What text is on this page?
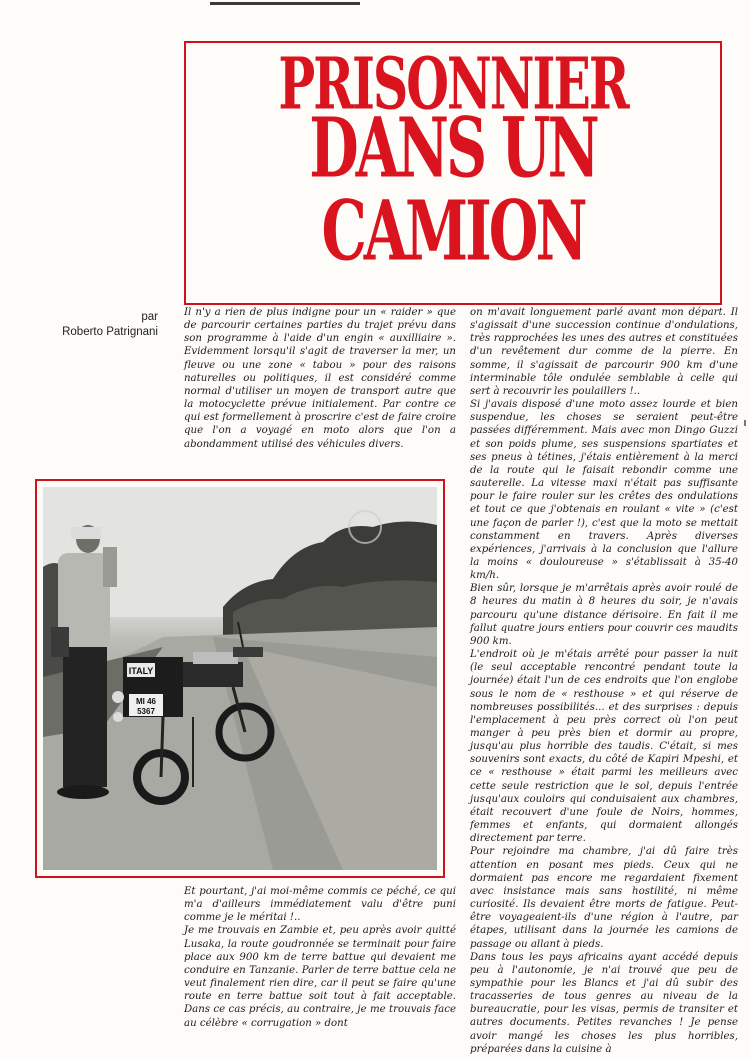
PRISONNIER
DANS UN CAMION
par
Roberto Patrignani

Il n'y a rien de plus indigne pour un « raider » que de parcourir certaines parties du trajet prévu dans son programme à l'aide d'un engin « auxilliaire ». Evidemment lorsqu'il s'agit de traverser la mer, un fleuve ou une zone « tabou » pour des raisons naturelles ou politiques, il est considéré comme normal d'utiliser un moyen de transport autre que la motocyclette prévue initialement. Par contre ce qui est formellement à proscrire c'est de faire croire que l'on a voyagé en moto alors que l'on a abondamment utilisé des véhicules divers.

ITALY
MI 46
5367

Et pourtant, j'ai moi-même commis ce péché, ce qui m'a d'ailleurs immédiatement valu d'être puni comme je le méritai !..

Je me trouvais en Zambie et, peu après avoir quitté Lusaka, la route goudronnée se terminait pour faire place aux 900 km de terre battue qui devaient me conduire en Tanzanie. Parler de terre battue cela ne veut finalement rien dire, car il peut se faire qu'une route en terre battue soit tout à fait acceptable. Dans ce cas précis, au contraire, je me trouvais face au célèbre « corrugation » dont

on m'avait longuement parlé avant mon départ. Il s'agissait d'une succession continue d'ondulations, très rapprochées les unes des autres et constituées d'un revêtement dur comme de la pierre. En somme, il s'agissait de parcourir 900 km d'une interminable tôle ondulée semblable à celle qui sert à recouvrir les poulaillers !..

Si j'avais disposé d'une moto assez lourde et bien suspendue, les choses se seraient peut-être passées différemment. Mais avec mon Dingo Guzzi et son poids plume, ses suspensions spartiates et ses pneus à tétines, j'étais entièrement à la merci de la route qui le faisait rebondir comme une sauterelle. La vitesse maxi n'était pas suffisante pour le faire rouler sur les crêtes des ondulations et tout ce que j'obtenais en roulant « vite » (c'est une façon de parler !), c'est que la moto se mettait constamment en travers. Après diverses expériences, j'arrivais à la conclusion que l'allure la moins « douloureuse » s'établissait à 35-40 km/h.

Bien sûr, lorsque je m'arrêtais après avoir roulé de 8 heures du matin à 8 heures du soir, je n'avais parcouru qu'une distance dérisoire. En fait il me fallut quatre jours entiers pour couvrir ces maudits 900 km.

L'endroit où je m'étais arrêté pour passer la nuit (le seul acceptable rencontré pendant toute la journée) était l'un de ces endroits que l'on englobe sous le nom de « resthouse » et qui réserve de nombreuses possibilités... et des surprises : depuis l'emplacement à peu près correct où l'on peut manger à peu près bien et dormir au propre, jusqu'au plus horrible des taudis. C'était, si mes souvenirs sont exacts, du côté de Kapiri Mpeshi, et ce « resthouse » était parmi les meilleurs avec cette seule restriction que le sol, depuis l'entrée jusqu'aux couloirs qui conduisaient aux chambres, était recouvert d'une foule de Noirs, hommes, femmes et enfants, qui dormaient allongés directement par terre.

Pour rejoindre ma chambre, j'ai dû faire très attention en posant mes pieds. Ceux qui ne dormaient pas encore me regardaient fixement avec insistance mais sans hostilité, ni même curiosité. Ils devaient être morts de fatigue. Peut-être voyageaient-ils d'une région à l'autre, par étapes, utilisant dans la journée les camions de passage ou allant à pieds.

Dans tous les pays africains ayant accédé depuis peu à l'autonomie, je n'ai trouvé que peu de sympathie pour les Blancs et j'ai dû subir des tracasseries de tous genres au niveau de la bureaucratie, pour les visas, permis de transiter et autres documents. Petites revanches ! Je pense avoir mangé les choses les plus horribles, préparées dans la cuisine à
